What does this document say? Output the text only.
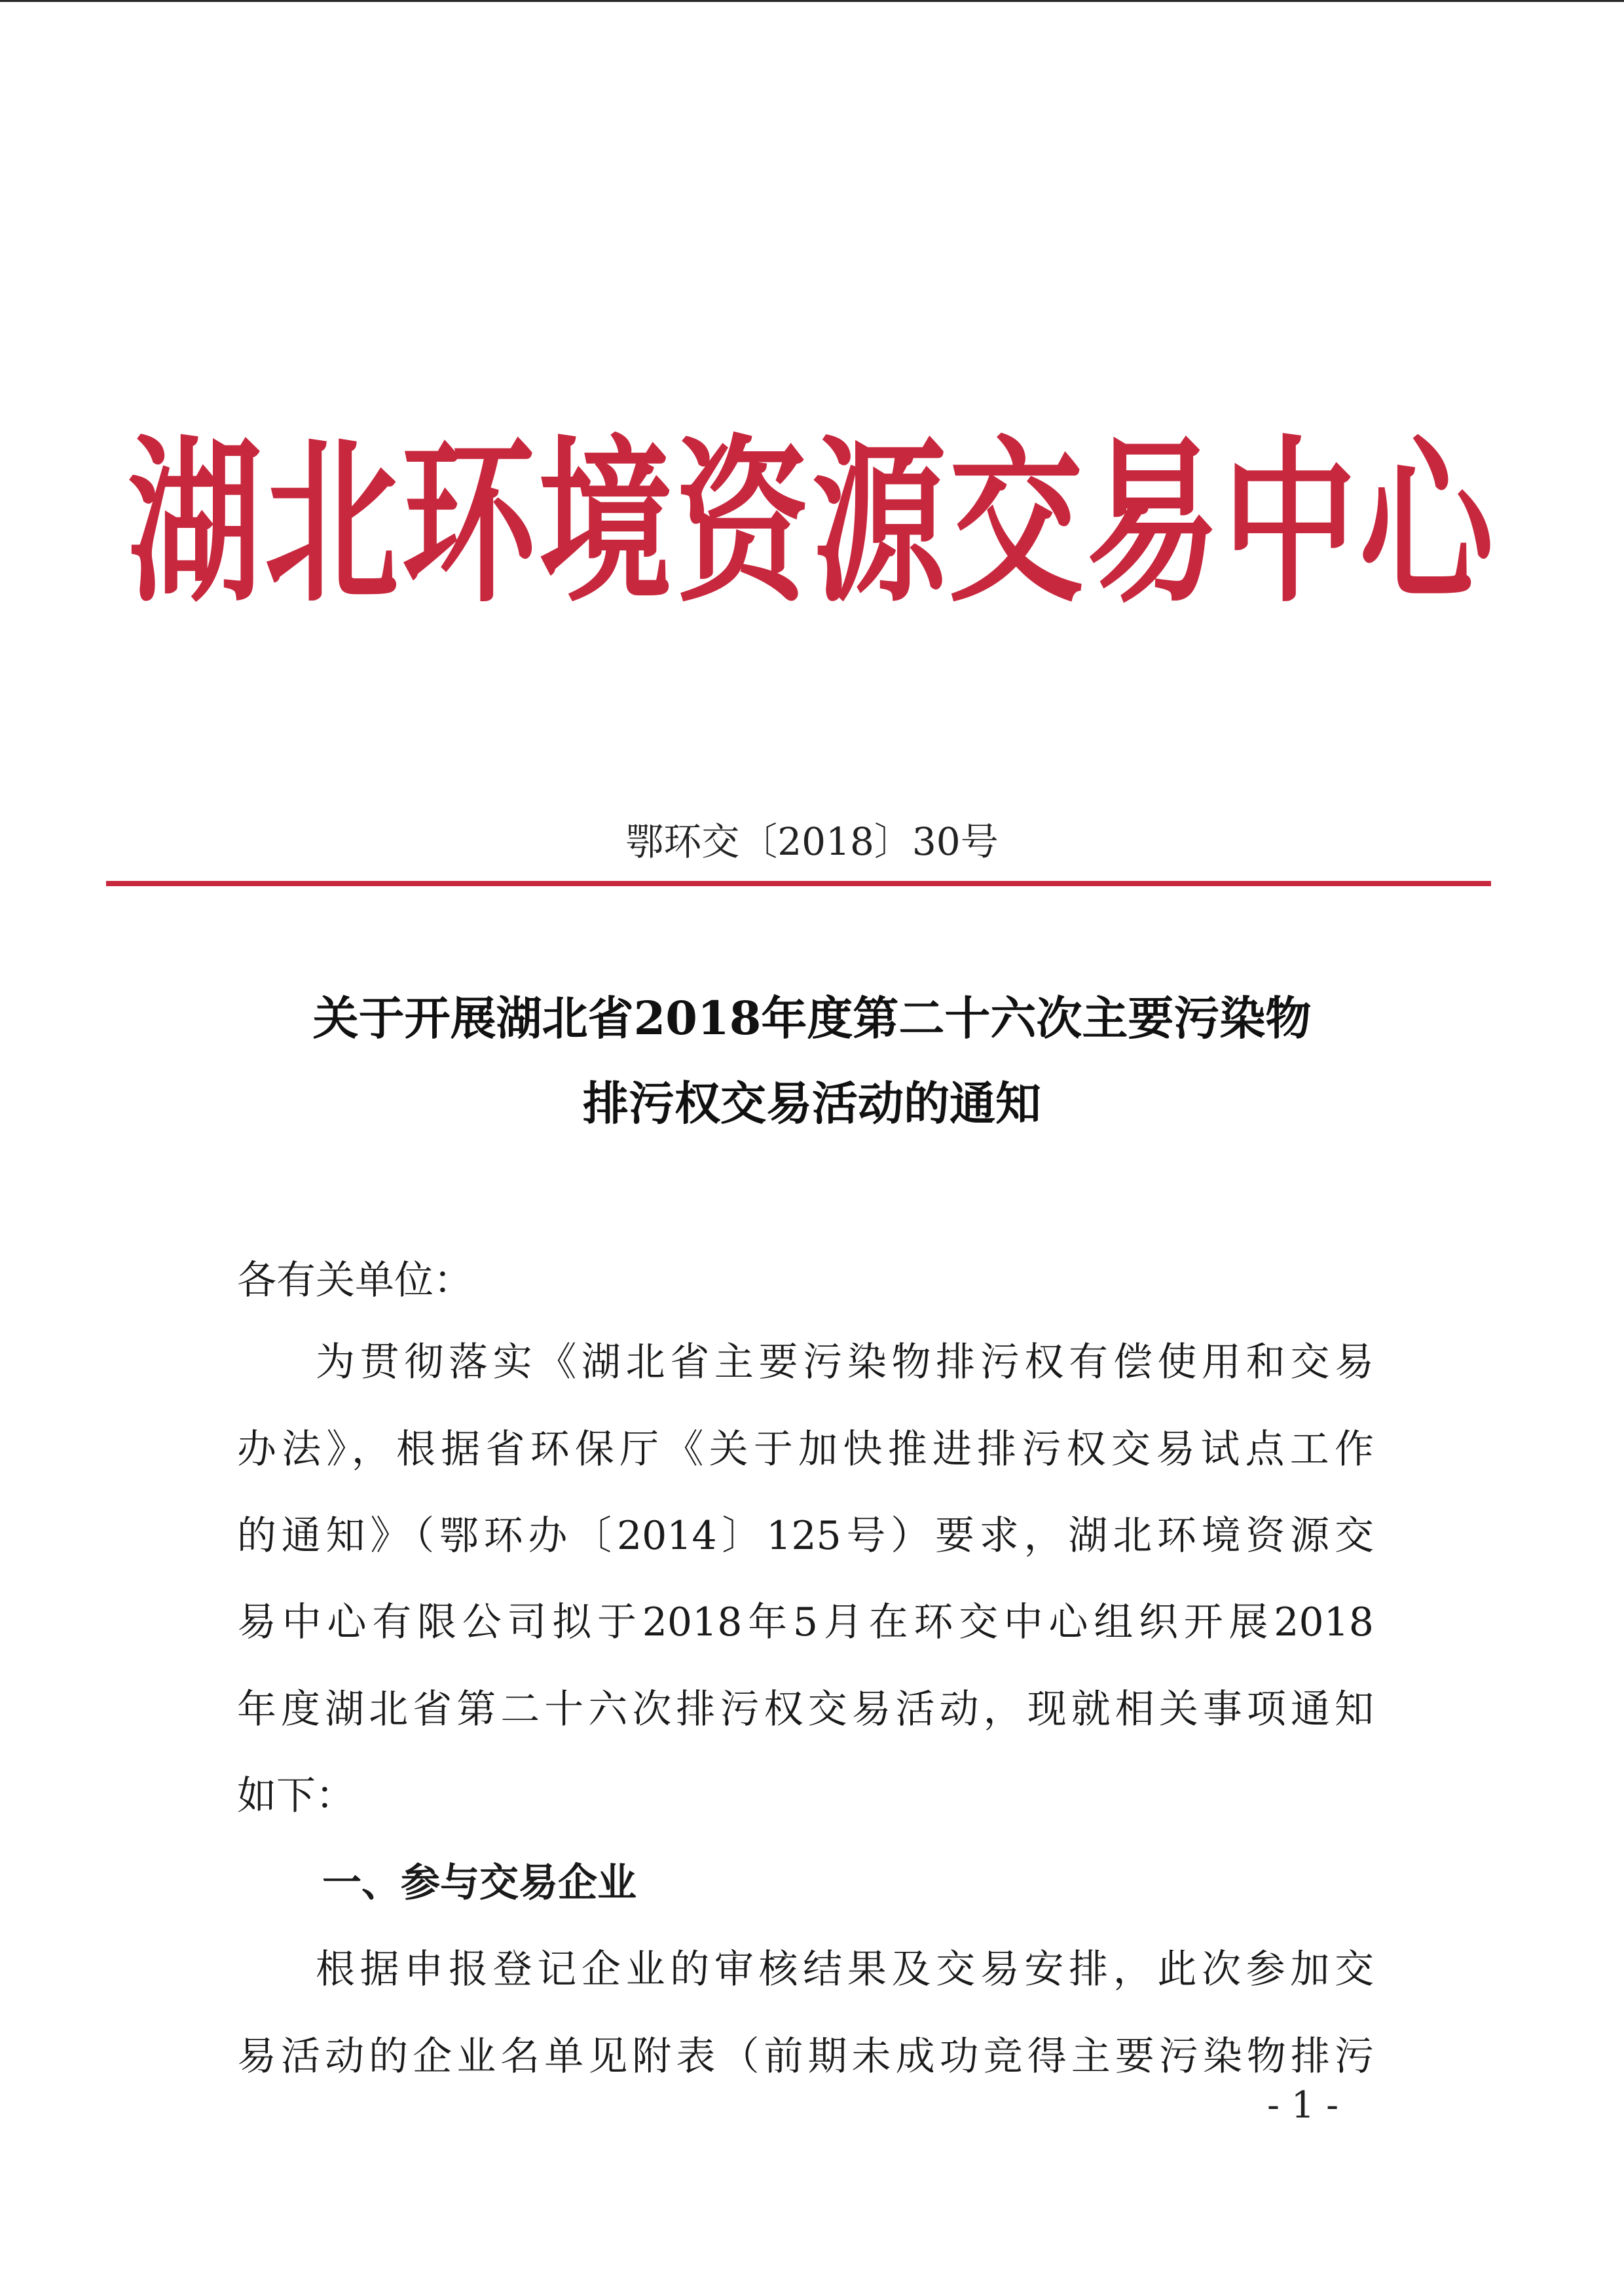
湖北环境资源交易中心
鄂环交〔2018〕30号
关于开展湖北省2018年度第二十六次主要污染物
排污权交易活动的通知
各有关单位：
为贯彻落实《湖北省主要污染物排污权有偿使用和交易
办法》，根据省环保厅《关于加快推进排污权交易试点工作
的通知》（鄂环办〔2014〕125号）要求，湖北环境资源交
易中心有限公司拟于2018年5月在环交中心组织开展2018
年度湖北省第二十六次排污权交易活动，现就相关事项通知
如下：
一、参与交易企业
根据申报登记企业的审核结果及交易安排，此次参加交
易活动的企业名单见附表（前期未成功竞得主要污染物排污
- 1 -
